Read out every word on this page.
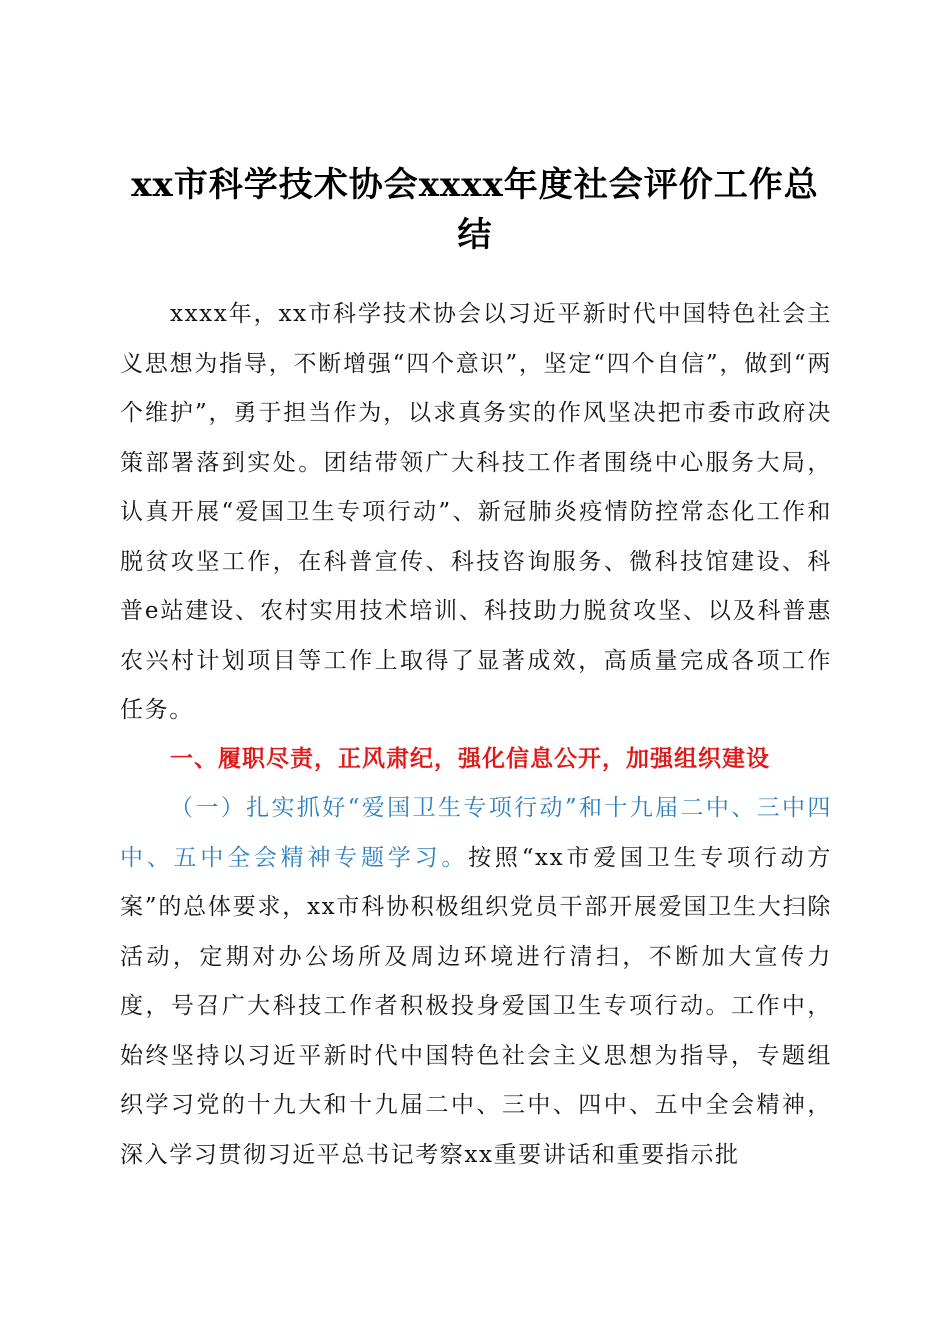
xx市科学技术协会xxxx年度社会评价工作总结

xxxx年，xx市科学技术协会以习近平新时代中国特色社会主义思想为指导，不断增强“四个意识”，坚定“四个自信”，做到“两个维护”，勇于担当作为，以求真务实的作风坚决把市委市政府决策部署落到实处。团结带领广大科技工作者围绕中心服务大局，认真开展“爱国卫生专项行动”、新冠肺炎疫情防控常态化工作和脱贫攻坚工作，在科普宣传、科技咨询服务、微科技馆建设、科普e站建设、农村实用技术培训、科技助力脱贫攻坚、以及科普惠农兴村计划项目等工作上取得了显著成效，高质量完成各项工作任务。

一、履职尽责，正风肃纪，强化信息公开，加强组织建设

（一）扎实抓好“爱国卫生专项行动”和十九届二中、三中四中、五中全会精神专题学习。按照“xx市爱国卫生专项行动方案”的总体要求，xx市科协积极组织党员干部开展爱国卫生大扫除活动，定期对办公场所及周边环境进行清扫，不断加大宣传力度，号召广大科技工作者积极投身爱国卫生专项行动。工作中，始终坚持以习近平新时代中国特色社会主义思想为指导，专题组织学习党的十九大和十九届二中、三中、四中、五中全会精神，深入学习贯彻习近平总书记考察xx重要讲话和重要指示批
